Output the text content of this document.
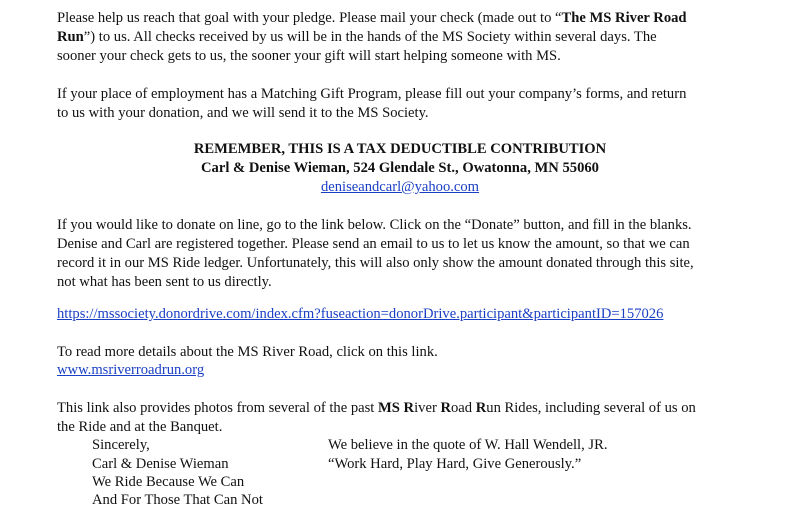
Please help us reach that goal with your pledge. Please mail your check (made out to “The MS River Road
Run”) to us. All checks received by us will be in the hands of the MS Society within several days. The
sooner your check gets to us, the sooner your gift will start helping someone with MS.
If your place of employment has a Matching Gift Program, please fill out your company’s forms, and return
to us with your donation, and we will send it to the MS Society.
REMEMBER, THIS IS A TAX DEDUCTIBLE CONTRIBUTION
Carl & Denise Wieman, 524 Glendale St., Owatonna, MN 55060
deniseandcarl@yahoo.com
If you would like to donate on line, go to the link below. Click on the “Donate” button, and fill in the blanks.
Denise and Carl are registered together. Please send an email to us to let us know the amount, so that we can
record it in our MS Ride ledger. Unfortunately, this will also only show the amount donated through this site,
not what has been sent to us directly.
https://mssociety.donordrive.com/index.cfm?fuseaction=donorDrive.participant&participantID=157026
To read more details about the MS River Road, click on this link.
www.msriverroadrun.org
This link also provides photos from several of the past MS River Road Run Rides, including several of us on
the Ride and at the Banquet.
Sincerely,
Carl & Denise Wieman
We Ride Because We Can
And For Those That Can Not
We believe in the quote of W. Hall Wendell, JR.
“Work Hard, Play Hard, Give Generously.”
